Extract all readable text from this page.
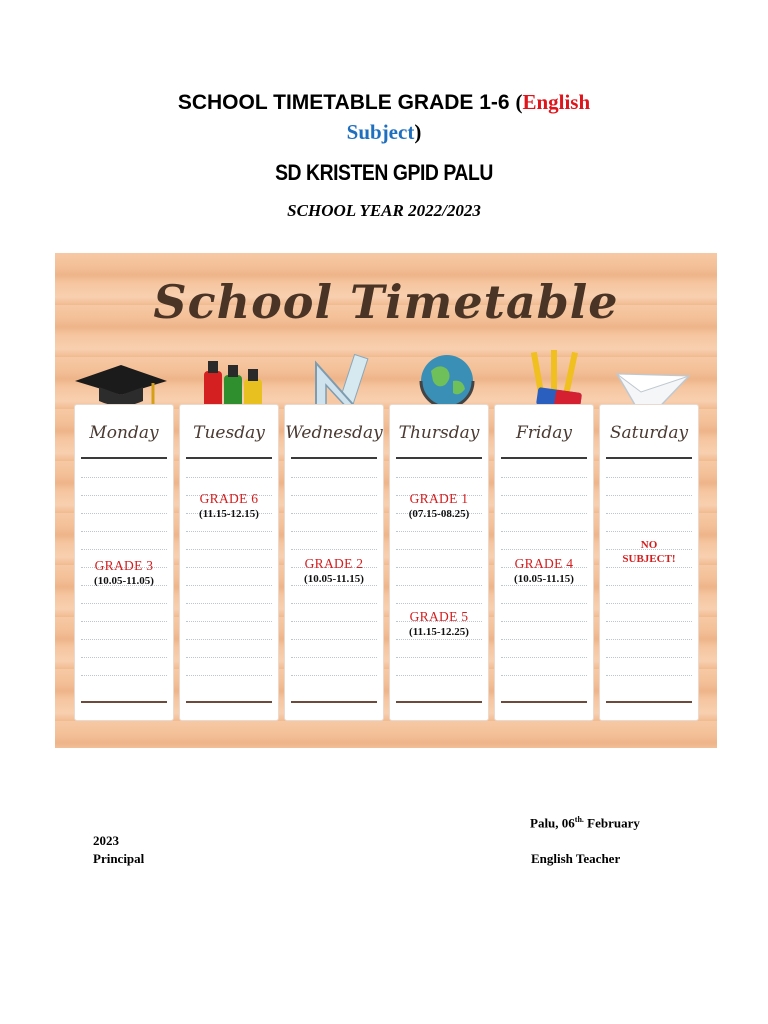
SCHOOL TIMETABLE GRADE 1-6 (English
Subject)
SD KRISTEN GPID PALU
SCHOOL YEAR 2022/2023
School Timetable
Monday
GRADE 3
(10.05-11.05)
Tuesday
GRADE 6
(11.15-12.15)
Wednesday
GRADE 2
(10.05-11.15)
Thursday
GRADE 1
(07.15-08.25)
GRADE 5
(11.15-12.25)
Friday
GRADE 4
(10.05-11.15)
Saturday
NO
SUBJECT!
Palu, $06^{th.}$ February
2023
Principal	English Teacher
